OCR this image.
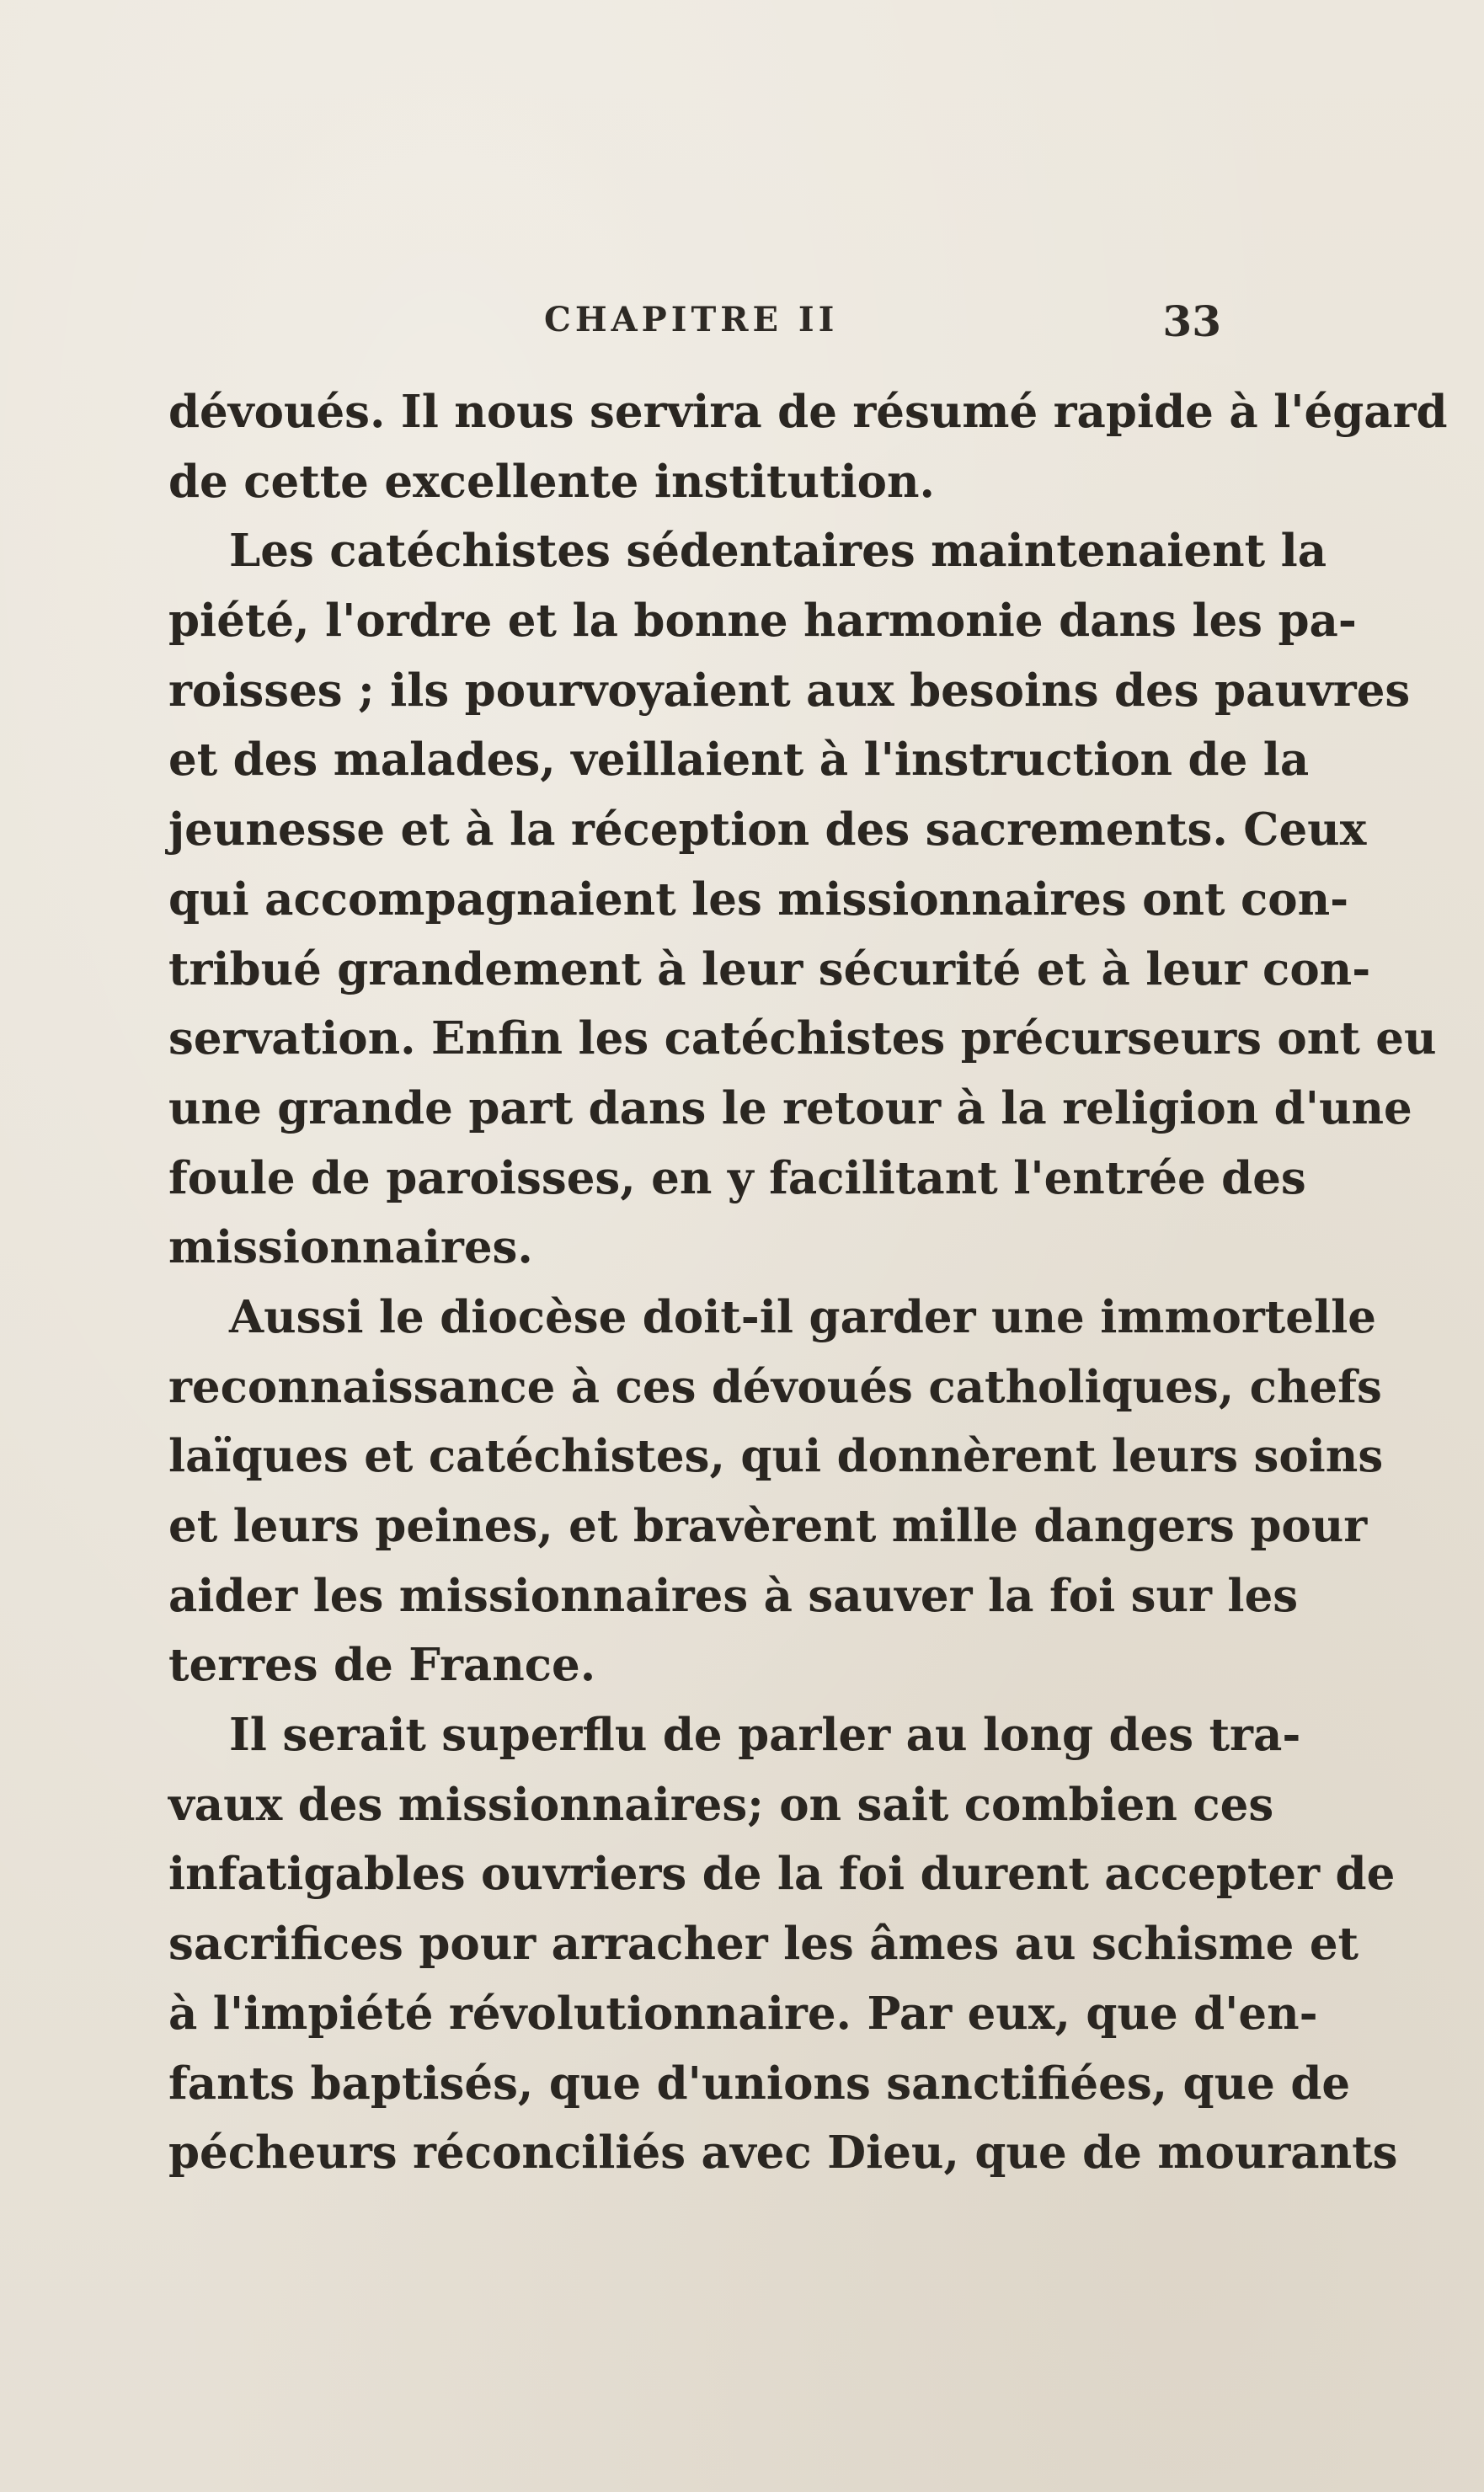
CHAPITRE II	33
dévoués. Il nous servira de résumé rapide à l'égard
de cette excellente institution.
Les catéchistes sédentaires maintenaient la
piété, l'ordre et la bonne harmonie dans les pa-
roisses ; ils pourvoyaient aux besoins des pauvres
et des malades, veillaient à l'instruction de la
jeunesse et à la réception des sacrements. Ceux
qui accompagnaient les missionnaires ont con-
tribué grandement à leur sécurité et à leur con-
servation. Enfin les catéchistes précurseurs ont eu
une grande part dans le retour à la religion d'une
foule de paroisses, en y facilitant l'entrée des
missionnaires.
Aussi le diocèse doit-il garder une immortelle
reconnaissance à ces dévoués catholiques, chefs
laïques et catéchistes, qui donnèrent leurs soins
et leurs peines, et bravèrent mille dangers pour
aider les missionnaires à sauver la foi sur les
terres de France.
Il serait superflu de parler au long des tra-
vaux des missionnaires; on sait combien ces
infatigables ouvriers de la foi durent accepter de
sacrifices pour arracher les âmes au schisme et
à l'impiété révolutionnaire. Par eux, que d'en-
fants baptisés, que d'unions sanctifiées, que de
pécheurs réconciliés avec Dieu, que de mourants
